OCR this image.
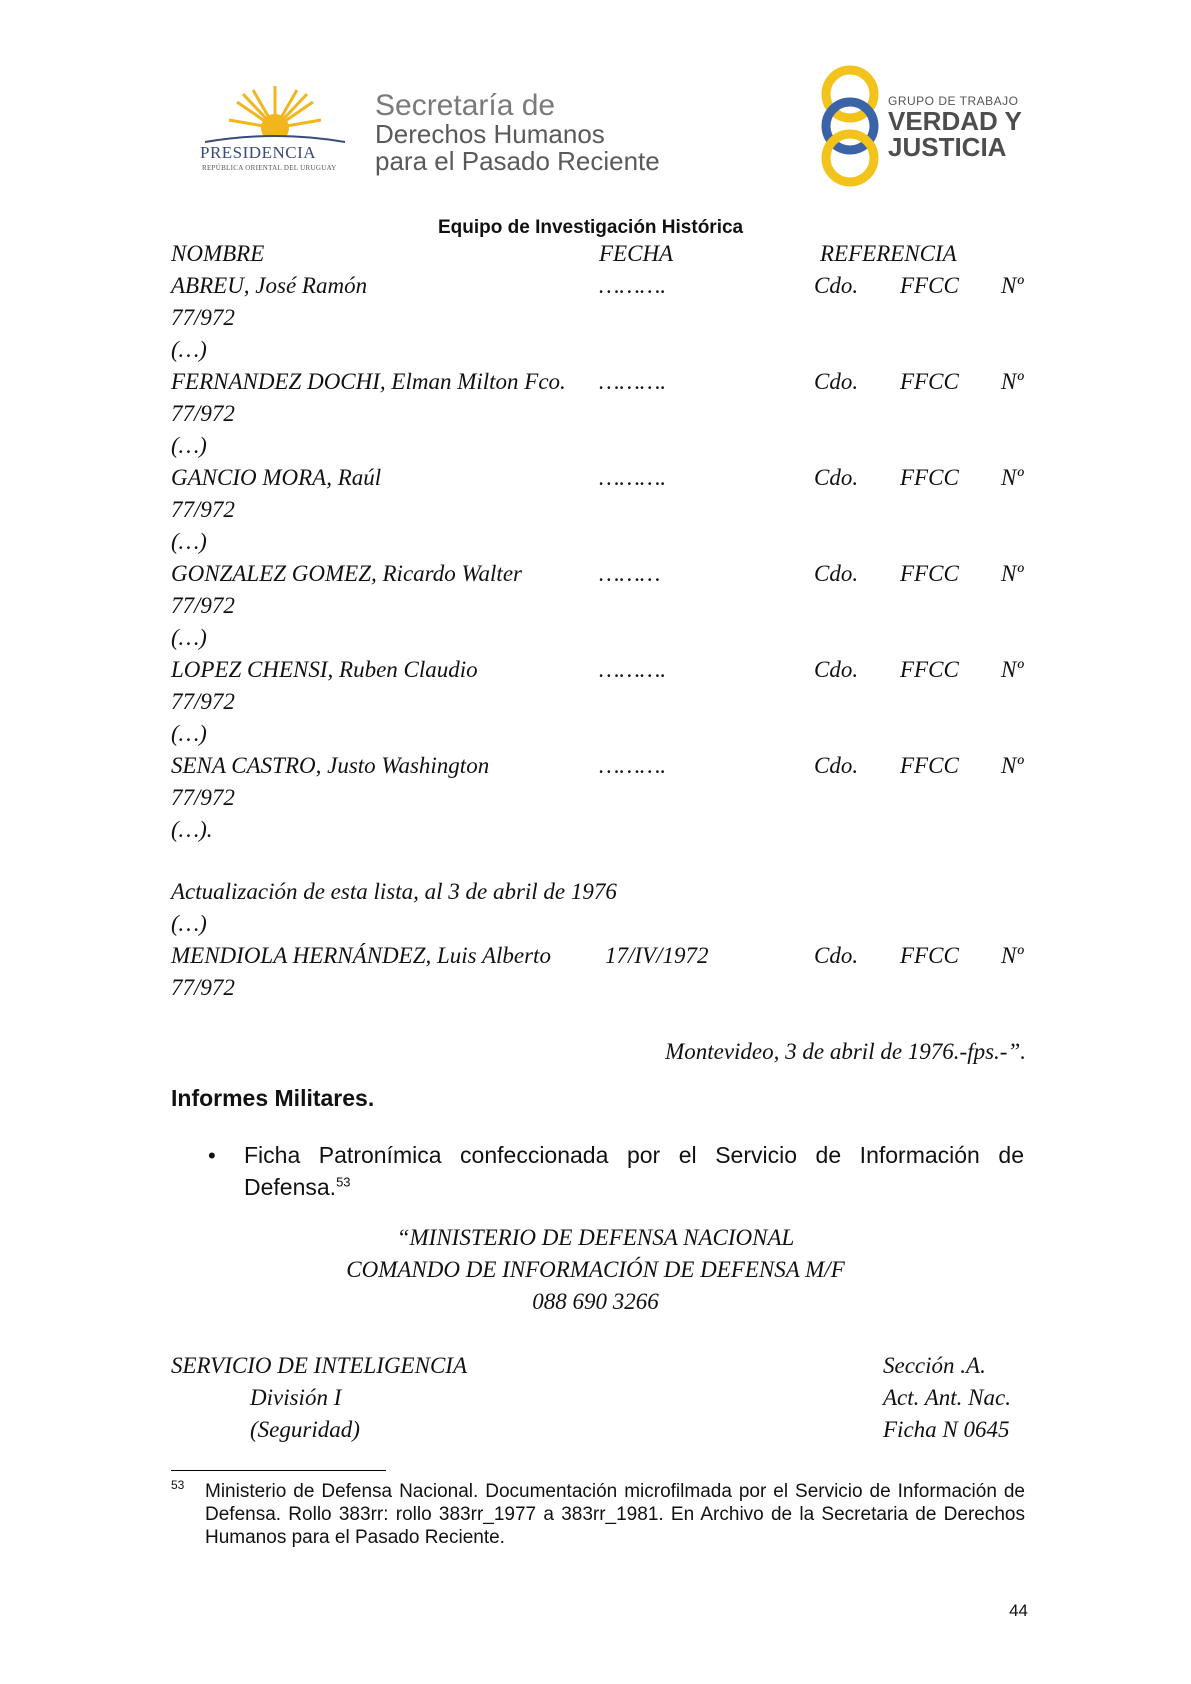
PRESIDENCIA
REPÚBLICA ORIENTAL DEL URUGUAY
Secretaría de
Derechos Humanos
para el Pasado Reciente
GRUPO DE TRABAJO
VERDAD Y
JUSTICIA
Equipo de Investigación Histórica
NOMBRE	FECHA	REFERENCIA
ABREU, José Ramón	……….	Cdo. FFCC Nº
77/972
(…)
FERNANDEZ DOCHI, Elman Milton Fco. ……….	Cdo. FFCC Nº
77/972
(…)
GANCIO MORA, Raúl	……….	Cdo. FFCC Nº
77/972
(…)
GONZALEZ GOMEZ, Ricardo Walter	………	Cdo. FFCC Nº
77/972
(…)
LOPEZ CHENSI, Ruben Claudio	……….	Cdo. FFCC Nº
77/972
(…)
SENA CASTRO, Justo Washington	……….	Cdo. FFCC Nº
77/972
(…).
Actualización de esta lista, al 3 de abril de 1976
(…)
MENDIOLA HERNÁNDEZ, Luis Alberto 17/IV/1972	Cdo. FFCC Nº
77/972
Montevideo, 3 de abril de 1976.-fps.-”.
Informes Militares.
• Ficha Patronímica confeccionada por el Servicio de Información de Defensa.$^{53}$
“MINISTERIO DE DEFENSA NACIONAL
COMANDO DE INFORMACIÓN DE DEFENSA M/F
088 690 3266
SERVICIO DE INTELIGENCIA
División I
(Seguridad)
Sección .A.
Act. Ant. Nac.
Ficha N 0645
53 Ministerio de Defensa Nacional. Documentación microfilmada por el Servicio de Información de Defensa. Rollo 383rr: rollo 383rr_1977 a 383rr_1981. En Archivo de la Secretaria de Derechos Humanos para el Pasado Reciente.
44
